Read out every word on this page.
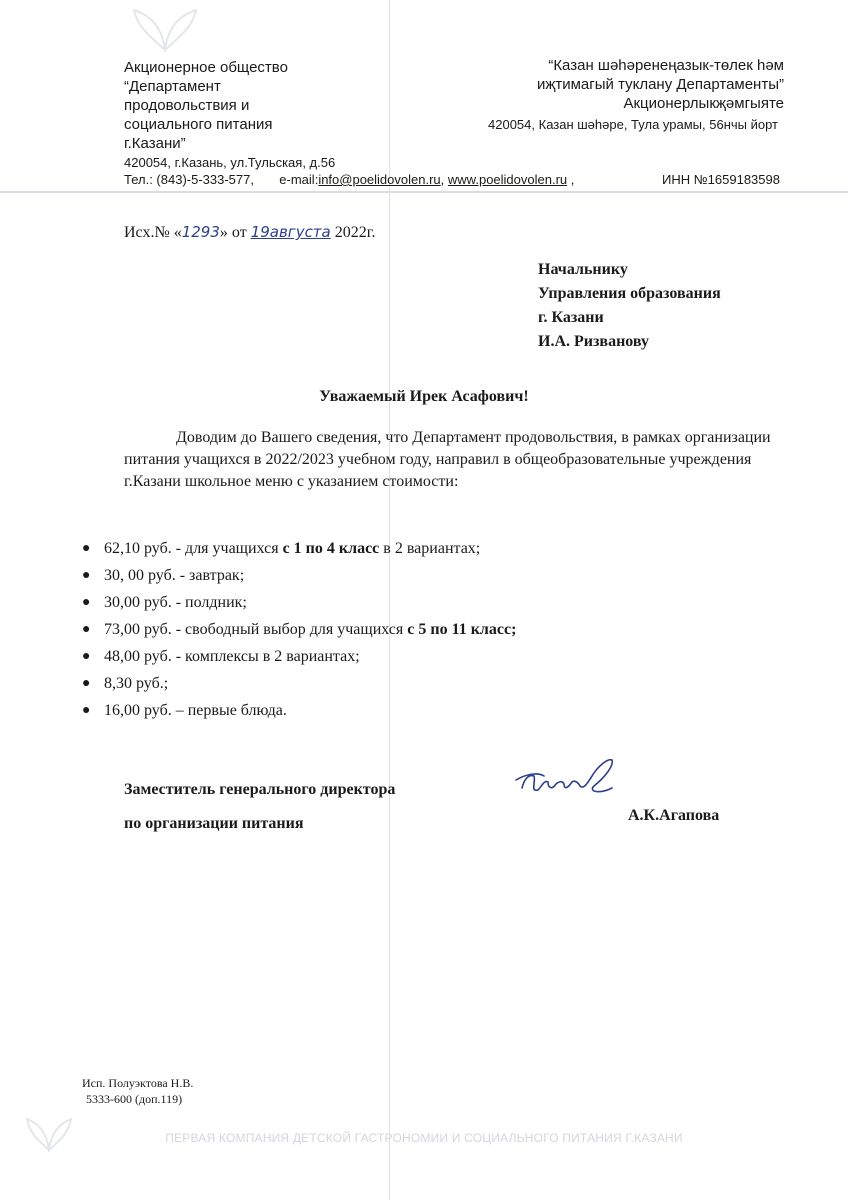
Акционерное общество
“Департамент
продовольствия и
социального питания
г.Казани”
420054, г.Казань, ул.Тульская, д.56
“Казан шәһәренеңазык-төлек һәм
иҗтимагый туклану Департаменты”
Акционерлыкҗәмгыяте
420054, Казан шәһәре, Тула урамы, 56нчы йорт
Тел.: (843)-5-333-577, e-mail:info@poelidovolen.ru, www.poelidovolen.ru ,	ИНН №1659183598
Исх.№ «1293» от 19августа 2022г.
Начальнику
Управления образования
г. Казани
И.А. Ризванову
Уважаемый Ирек Асафович!
Доводим до Вашего сведения, что Департамент продовольствия, в рамках организации питания учащихся в 2022/2023 учебном году, направил в общеобразовательные учреждения г.Казани школьное меню с указанием стоимости:
● 62,10 руб. - для учащихся с 1 по 4 класс в 2 вариантах;
● 30, 00 руб. - завтрак;
● 30,00 руб. - полдник;
● 73,00 руб. - свободный выбор для учащихся с 5 по 11 класс;
● 48,00 руб. - комплексы в 2 вариантах;
● 8,30 руб.;
● 16,00 руб. – первые блюда.
Заместитель генерального директора
по организации питания	А.К.Агапова
Исп. Полуэктова Н.В.
5333-600 (доп.119)
ПЕРВАЯ КОМПАНИЯ ДЕТСКОЙ ГАСТРОНОМИИ И СОЦИАЛЬНОГО ПИТАНИЯ Г.КАЗАНИ
